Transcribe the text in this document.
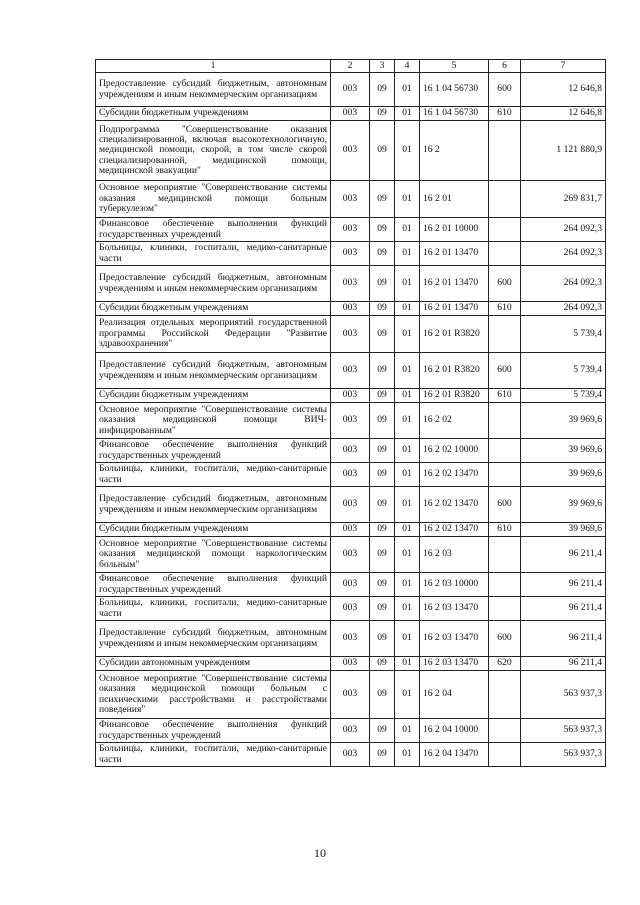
1	2	3	4	5	6	7
Предоставление субсидий бюджетным, автономным учреждениям и иным некоммерческим организациям	003	09	01	16 1 04 56730	600	12 646,8
Субсидии бюджетным учреждениям	003	09	01	16 1 04 56730	610	12 646,8
Подпрограмма "Совершенствование оказания специализированной, включая высокотехнологичную, медицинской помощи, скорой, в том числе скорой специализированной, медицинской помощи, медицинской эвакуации"	003	09	01	16 2		1 121 880,9
Основное мероприятие "Совершенствование системы оказания медицинской помощи больным туберкулезом"	003	09	01	16 2 01		269 831,7
Финансовое обеспечение выполнения функций государственных учреждений	003	09	01	16 2 01 10000		264 092,3
Больницы, клиники, госпитали, медико-санитарные части	003	09	01	16 2 01 13470		264 092,3
Предоставление субсидий бюджетным, автономным учреждениям и иным некоммерческим организациям	003	09	01	16 2 01 13470	600	264 092,3
Субсидии бюджетным учреждениям	003	09	01	16 2 01 13470	610	264 092,3
Реализация отдельных мероприятий государственной программы Российской Федерации "Развитие здравоохранения"	003	09	01	16 2 01 R3820		5 739,4
Предоставление субсидий бюджетным, автономным учреждениям и иным некоммерческим организациям	003	09	01	16 2 01 R3820	600	5 739,4
Субсидии бюджетным учреждениям	003	09	01	16 2 01 R3820	610	5 739,4
Основное мероприятие "Совершенствование системы оказания медицинской помощи ВИЧ-инфицированным"	003	09	01	16 2 02		39 969,6
Финансовое обеспечение выполнения функций государственных учреждений	003	09	01	16 2 02 10000		39 969,6
Больницы, клиники, госпитали, медико-санитарные части	003	09	01	16 2 02 13470		39 969,6
Предоставление субсидий бюджетным, автономным учреждениям и иным некоммерческим организациям	003	09	01	16 2 02 13470	600	39 969,6
Субсидии бюджетным учреждениям	003	09	01	16 2 02 13470	610	39 969,6
Основное мероприятие "Совершенствование системы оказания медицинской помощи наркологическим больным"	003	09	01	16 2 03		96 211,4
Финансовое обеспечение выполнения функций государственных учреждений	003	09	01	16 2 03 10000		96 211,4
Больницы, клиники, госпитали, медико-санитарные части	003	09	01	16 2 03 13470		96 211,4
Предоставление субсидий бюджетным, автономным учреждениям и иным некоммерческим организациям	003	09	01	16 2 03 13470	600	96 211,4
Субсидии автономным учреждениям	003	09	01	16 2 03 13470	620	96 211,4
Основное мероприятие "Совершенствование системы оказания медицинской помощи больным с психическими расстройствами и расстройствами поведения"	003	09	01	16 2 04		563 937,3
Финансовое обеспечение выполнения функций государственных учреждений	003	09	01	16 2 04 10000		563 937,3
Больницы, клиники, госпитали, медико-санитарные части	003	09	01	16 2 04 13470		563 937,3
10
